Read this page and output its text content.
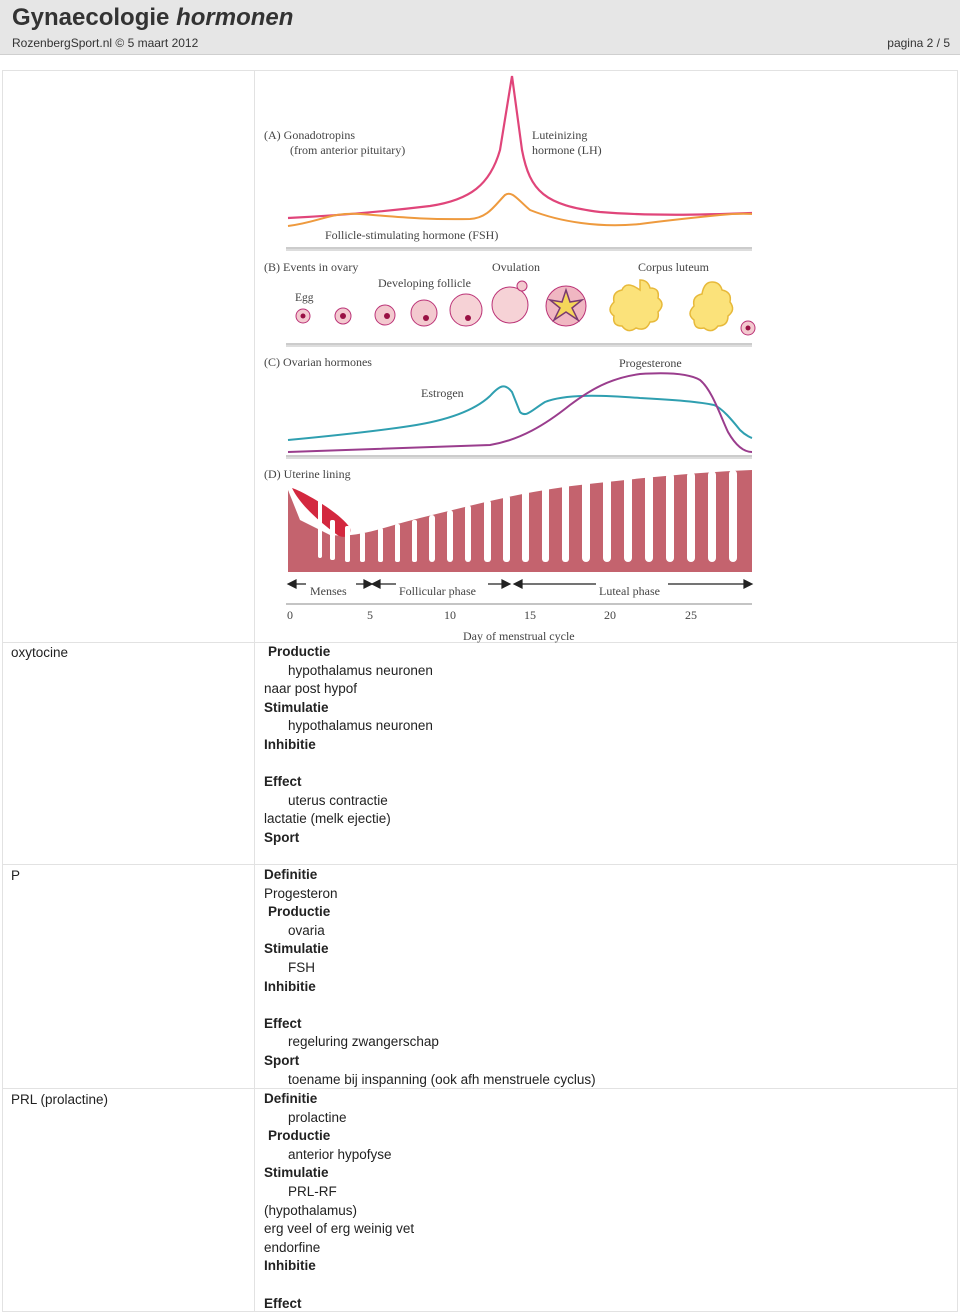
Gynaecologie hormonen
RozenbergSport.nl © 5 maart 2012	pagina 2 / 5
(A) Gonadotropins
(from anterior pituitary)
Luteinizing
hormone (LH)
Follicle-stimulating hormone (FSH)
(B) Events in ovary
Egg
Developing follicle
Ovulation	Corpus luteum
(C) Ovarian hormones	Progesterone
Estrogen
(D) Uterine lining
Menses	Follicular phase	Luteal phase
0	5	10	15	20	25
Day of menstrual cycle
oxytocine	Productie
hypothalamus neuronen
naar post hypof
Stimulatie
hypothalamus neuronen
Inhibitie
Effect
uterus contractie
lactatie (melk ejectie)
Sport
P	Definitie
Progesteron
Productie
ovaria
Stimulatie
FSH
Inhibitie
Effect
regeluring zwangerschap
Sport
toename bij inspanning (ook afh menstruele cyclus)
PRL (prolactine)	Definitie
prolactine
Productie
anterior hypofyse
Stimulatie
PRL-RF
(hypothalamus)
erg veel of erg weinig vet
endorfine
Inhibitie
Effect
